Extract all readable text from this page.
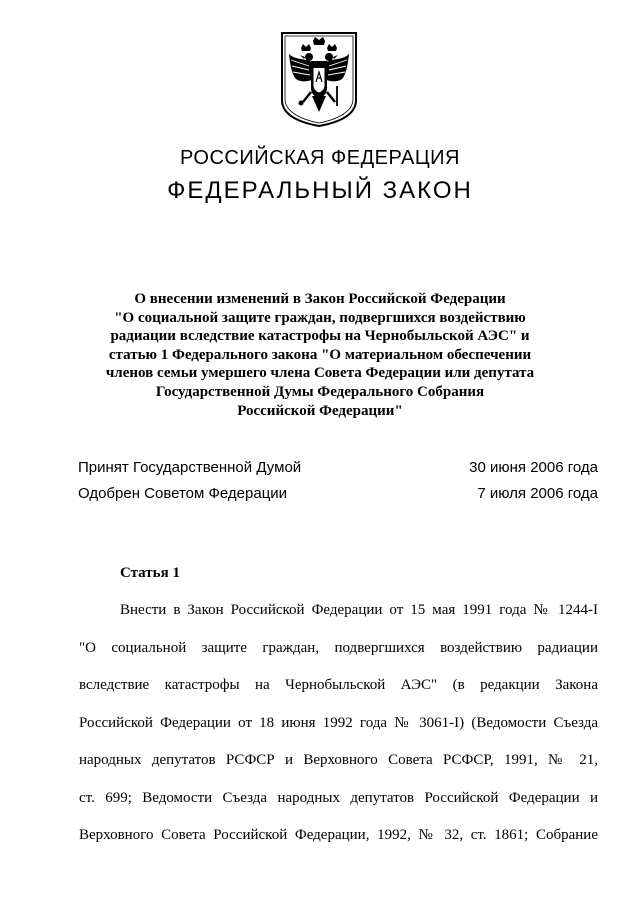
РОССИЙСКАЯ ФЕДЕРАЦИЯ
ФЕДЕРАЛЬНЫЙ ЗАКОН
О внесении изменений в Закон Российской Федерации
"О социальной защите граждан, подвергшихся воздействию
радиации вследствие катастрофы на Чернобыльской АЭС" и
статью 1 Федерального закона "О материальном обеспечении
членов семьи умершего члена Совета Федерации или депутата
Государственной Думы Федерального Собрания
Российской Федерации"
Принят Государственной Думой	30 июня 2006 года
Одобрен Советом Федерации	7 июля 2006 года
Статья 1
Внести в Закон Российской Федерации от 15 мая 1991 года № 1244-I
"О социальной защите граждан, подвергшихся воздействию радиации
вследствие катастрофы на Чернобыльской АЭС" (в редакции Закона
Российской Федерации от 18 июня 1992 года № 3061-I) (Ведомости Съезда
народных депутатов РСФСР и Верховного Совета РСФСР, 1991, № 21,
ст. 699; Ведомости Съезда народных депутатов Российской Федерации и
Верховного Совета Российской Федерации, 1992, № 32, ст. 1861; Собрание
